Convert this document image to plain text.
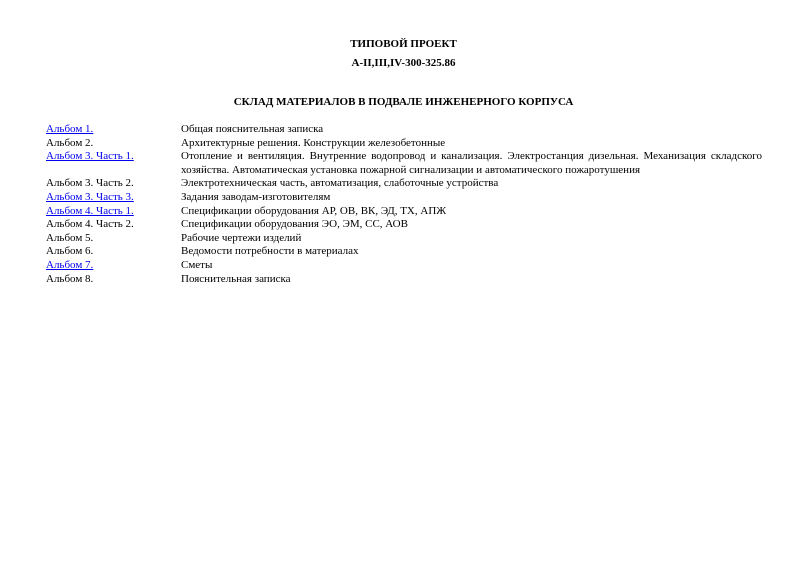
ТИПОВОЙ ПРОЕКТ
А-II,III,IV-300-325.86
СКЛАД МАТЕРИАЛОВ В ПОДВАЛЕ ИНЖЕНЕРНОГО КОРПУСА
Альбом 1.	Общая пояснительная записка
Альбом 2.	Архитектурные решения. Конструкции железобетонные
Альбом 3. Часть 1.	Отопление и вентиляция. Внутренние водопровод и канализация. Электростанция дизельная. Механизация складского хозяйства. Автоматическая установка пожарной сигнализации и автоматического пожаротушения
Альбом 3. Часть 2.	Электротехническая часть, автоматизация, слаботочные устройства
Альбом 3. Часть 3.	Задания заводам-изготовителям
Альбом 4. Часть 1.	Спецификации оборудования АР, ОВ, ВК, ЭД, ТХ, АПЖ
Альбом 4. Часть 2.	Спецификации оборудования ЭО, ЭМ, СС, АОВ
Альбом 5.	Рабочие чертежи изделий
Альбом 6.	Ведомости потребности в материалах
Альбом 7.	Сметы
Альбом 8.	Пояснительная записка
